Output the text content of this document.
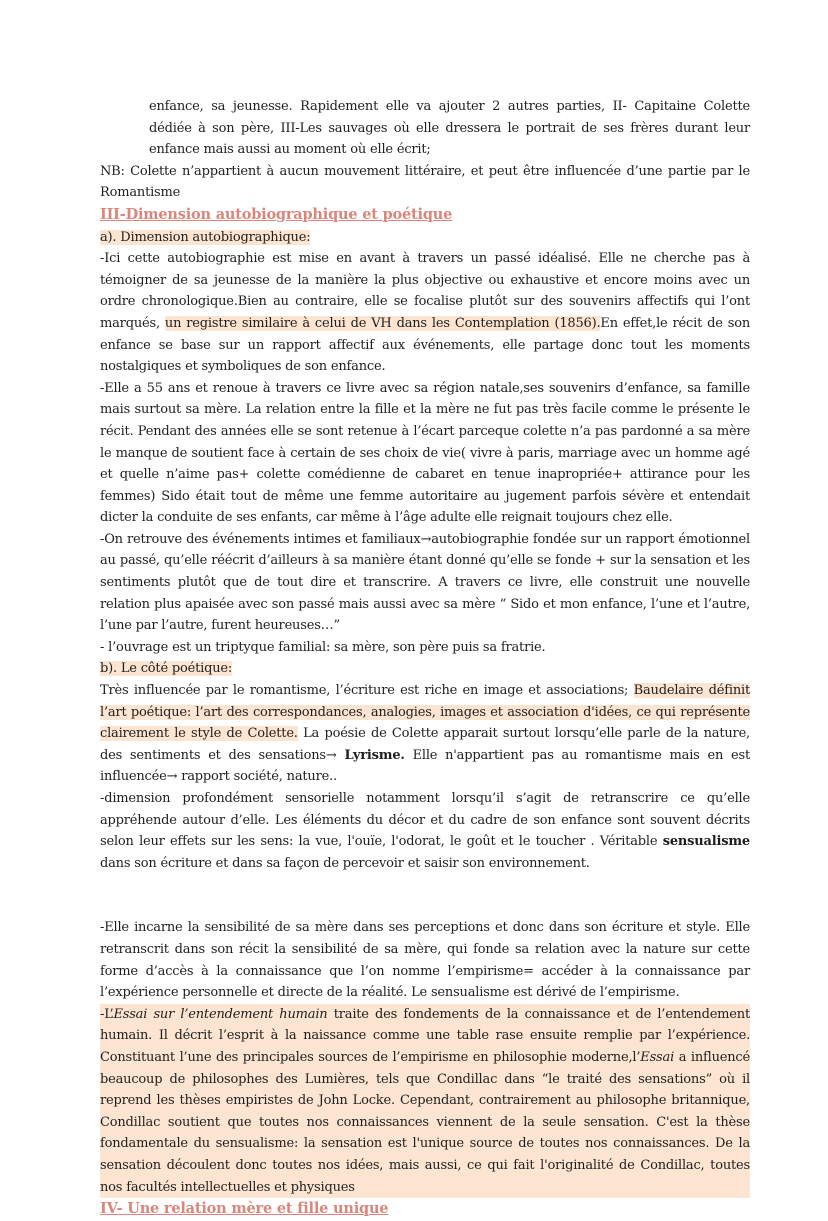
enfance, sa jeunesse. Rapidement elle va ajouter 2 autres parties, II- Capitaine Colette dédiée à son père, III-Les sauvages où elle dressera le portrait de ses frères durant leur enfance mais aussi au moment où elle écrit;

NB: Colette n’appartient à aucun mouvement littéraire, et peut être influencée d’une partie par le Romantisme

III-Dimension autobiographique et poétique

a). Dimension autobiographique:

-Ici cette autobiographie est mise en avant à travers un passé idéalisé. Elle ne cherche pas à témoigner de sa jeunesse de la manière la plus objective ou exhaustive et encore moins avec un ordre chronologique.Bien au contraire, elle se focalise plutôt sur des souvenirs affectifs qui l’ont marqués, un registre similaire à celui de VH dans les Contemplation (1856).En effet,le récit de son enfance se base sur un rapport affectif aux événements, elle partage donc tout les moments nostalgiques et symboliques de son enfance.

-Elle a 55 ans et renoue à travers ce livre avec sa région natale,ses souvenirs d’enfance, sa famille mais surtout sa mère. La relation entre la fille et la mère ne fut pas très facile comme le présente le récit. Pendant des années elle se sont retenue à l’écart parceque colette n’a pas pardonné a sa mère le manque de soutient face à certain de ses choix de vie( vivre à paris, marriage avec un homme agé et quelle n’aime pas+ colette comédienne de cabaret en tenue inapropriée+ attirance pour les femmes) Sido était tout de même une femme autoritaire au jugement parfois sévère et entendait dicter la conduite de ses enfants, car même à l’âge adulte elle reignait toujours chez elle.

-On retrouve des événements intimes et familiaux→autobiographie fondée sur un rapport émotionnel au passé, qu’elle réécrit d’ailleurs à sa manière étant donné qu’elle se fonde + sur la sensation et les sentiments plutôt que de tout dire et transcrire. A travers ce livre, elle construit une nouvelle relation plus apaisée avec son passé mais aussi avec sa mère “ Sido et mon enfance, l’une et l’autre, l’une par l’autre, furent heureuses…”

- l’ouvrage est un triptyque familial: sa mère, son père puis sa fratrie.

b). Le côté poétique:

Très influencée par le romantisme, l’écriture est riche en image et associations; Baudelaire définit l’art poétique: l’art des correspondances, analogies, images et association d'idées, ce qui représente clairement le style de Colette. La poésie de Colette apparait surtout lorsqu’elle parle de la nature, des sentiments et des sensations→ Lyrisme. Elle n'appartient pas au romantisme mais en est influencée→ rapport société, nature..

-dimension profondément sensorielle notamment lorsqu’il s’agit de retranscrire ce qu’elle appréhende autour d’elle. Les éléments du décor et du cadre de son enfance sont souvent décrits selon leur effets sur les sens: la vue, l'ouïe, l'odorat, le goût et le toucher . Véritable sensualisme dans son écriture et dans sa façon de percevoir et saisir son environnement.

-Elle incarne la sensibilité de sa mère dans ses perceptions et donc dans son écriture et style. Elle retranscrit dans son récit la sensibilité de sa mère, qui fonde sa relation avec la nature sur cette forme d’accès à la connaissance que l’on nomme l’empirisme= accéder à la connaissance par l’expérience personnelle et directe de la réalité. Le sensualisme est dérivé de l’empirisme.

-L’Essai sur l’entendement humain traite des fondements de la connaissance et de l’entendement humain. Il décrit l’esprit à la naissance comme une table rase ensuite remplie par l’expérience. Constituant l’une des principales sources de l’empirisme en philosophie moderne,l’Essai a influencé beaucoup de philosophes des Lumières, tels que Condillac dans “le traité des sensations” où il reprend les thèses empiristes de John Locke. Cependant, contrairement au philosophe britannique, Condillac soutient que toutes nos connaissances viennent de la seule sensation. C'est la thèse fondamentale du sensualisme: la sensation est l'unique source de toutes nos connaissances. De la sensation découlent donc toutes nos idées, mais aussi, ce qui fait l'originalité de Condillac, toutes nos facultés intellectuelles et physiques

IV- Une relation mère et fille unique
